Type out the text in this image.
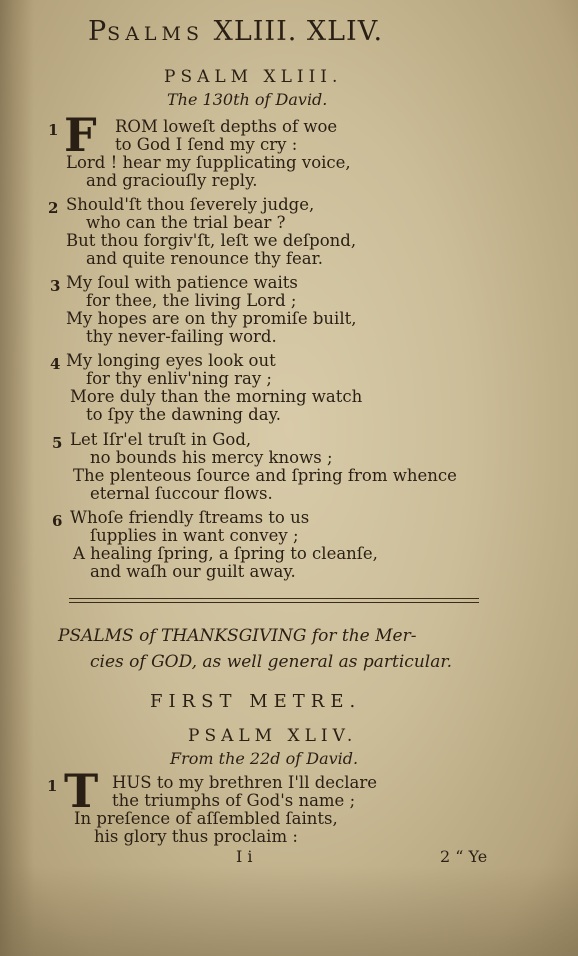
PSALMS XLIII. XLIV.
PSALM XLIII.
The 130th of David.
1 F ROM loweſt depths of woe
to God I ſend my cry :
Lord ! hear my ſupplicating voice,
and graciouſly reply.
2 Should'ſt thou ſeverely judge,
who can the trial bear ?
But thou forgiv'ſt, leſt we deſpond,
and quite renounce thy fear.
3 My ſoul with patience waits
for thee, the living Lord ;
My hopes are on thy promiſe built,
thy never-failing word.
4 My longing eyes look out
for thy enliv'ning ray ;
More duly than the morning watch
to ſpy the dawning day.
5 Let Iſr'el truſt in God,
no bounds his mercy knows ;
The plenteous ſource and ſpring from whence
eternal ſuccour flows.
6 Whoſe friendly ſtreams to us
ſupplies in want convey ;
A healing ſpring, a ſpring to cleanſe,
and waſh our guilt away.
PSALMS of THANKSGIVING for the Mer-
cies of GOD, as well general as particular.
FIRST METRE.
PSALM XLIV.
From the 22d of David.
1 T HUS to my brethren I'll declare
the triumphs of God's name ;
In preſence of aſſembled ſaints,
his glory thus proclaim :
I i	2 “ Ye
